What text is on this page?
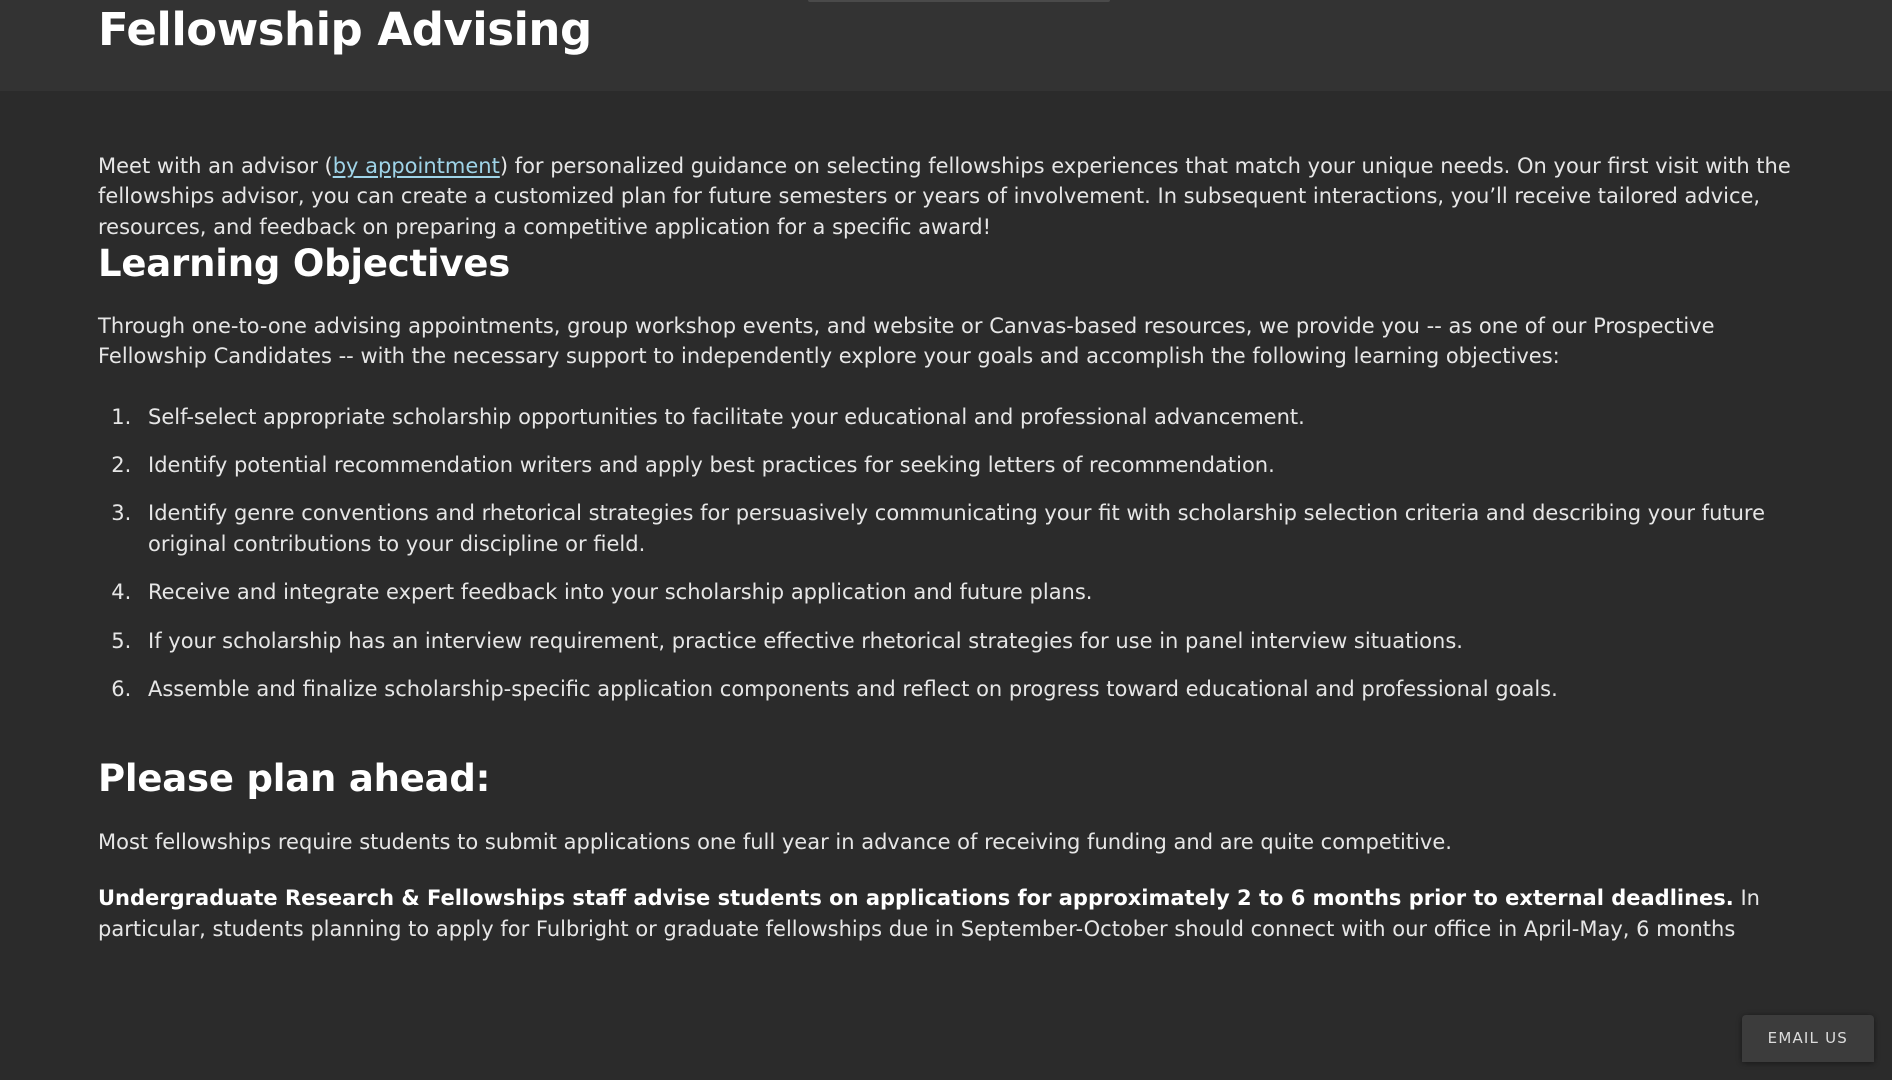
Fellowship Advising

Meet with an advisor (by appointment) for personalized guidance on selecting fellowships experiences that match your unique needs. On your first visit with the fellowships advisor, you can create a customized plan for future semesters or years of involvement. In subsequent interactions, you’ll receive tailored advice, resources, and feedback on preparing a competitive application for a specific award!

Learning Objectives

Through one-to-one advising appointments, group workshop events, and website or Canvas-based resources, we provide you -- as one of our Prospective Fellowship Candidates -- with the necessary support to independently explore your goals and accomplish the following learning objectives:

1. Self-select appropriate scholarship opportunities to facilitate your educational and professional advancement.
2. Identify potential recommendation writers and apply best practices for seeking letters of recommendation.
3. Identify genre conventions and rhetorical strategies for persuasively communicating your fit with scholarship selection criteria and describing your future original contributions to your discipline or field.
4. Receive and integrate expert feedback into your scholarship application and future plans.
5. If your scholarship has an interview requirement, practice effective rhetorical strategies for use in panel interview situations.
6. Assemble and finalize scholarship-specific application components and reflect on progress toward educational and professional goals.
Please plan ahead:

Most fellowships require students to submit applications one full year in advance of receiving funding and are quite competitive.

Undergraduate Research & Fellowships staff advise students on applications for approximately 2 to 6 months prior to external deadlines. In particular, students planning to apply for Fulbright or graduate fellowships due in September-October should connect with our office in April-May, 6 months

EMAIL US
